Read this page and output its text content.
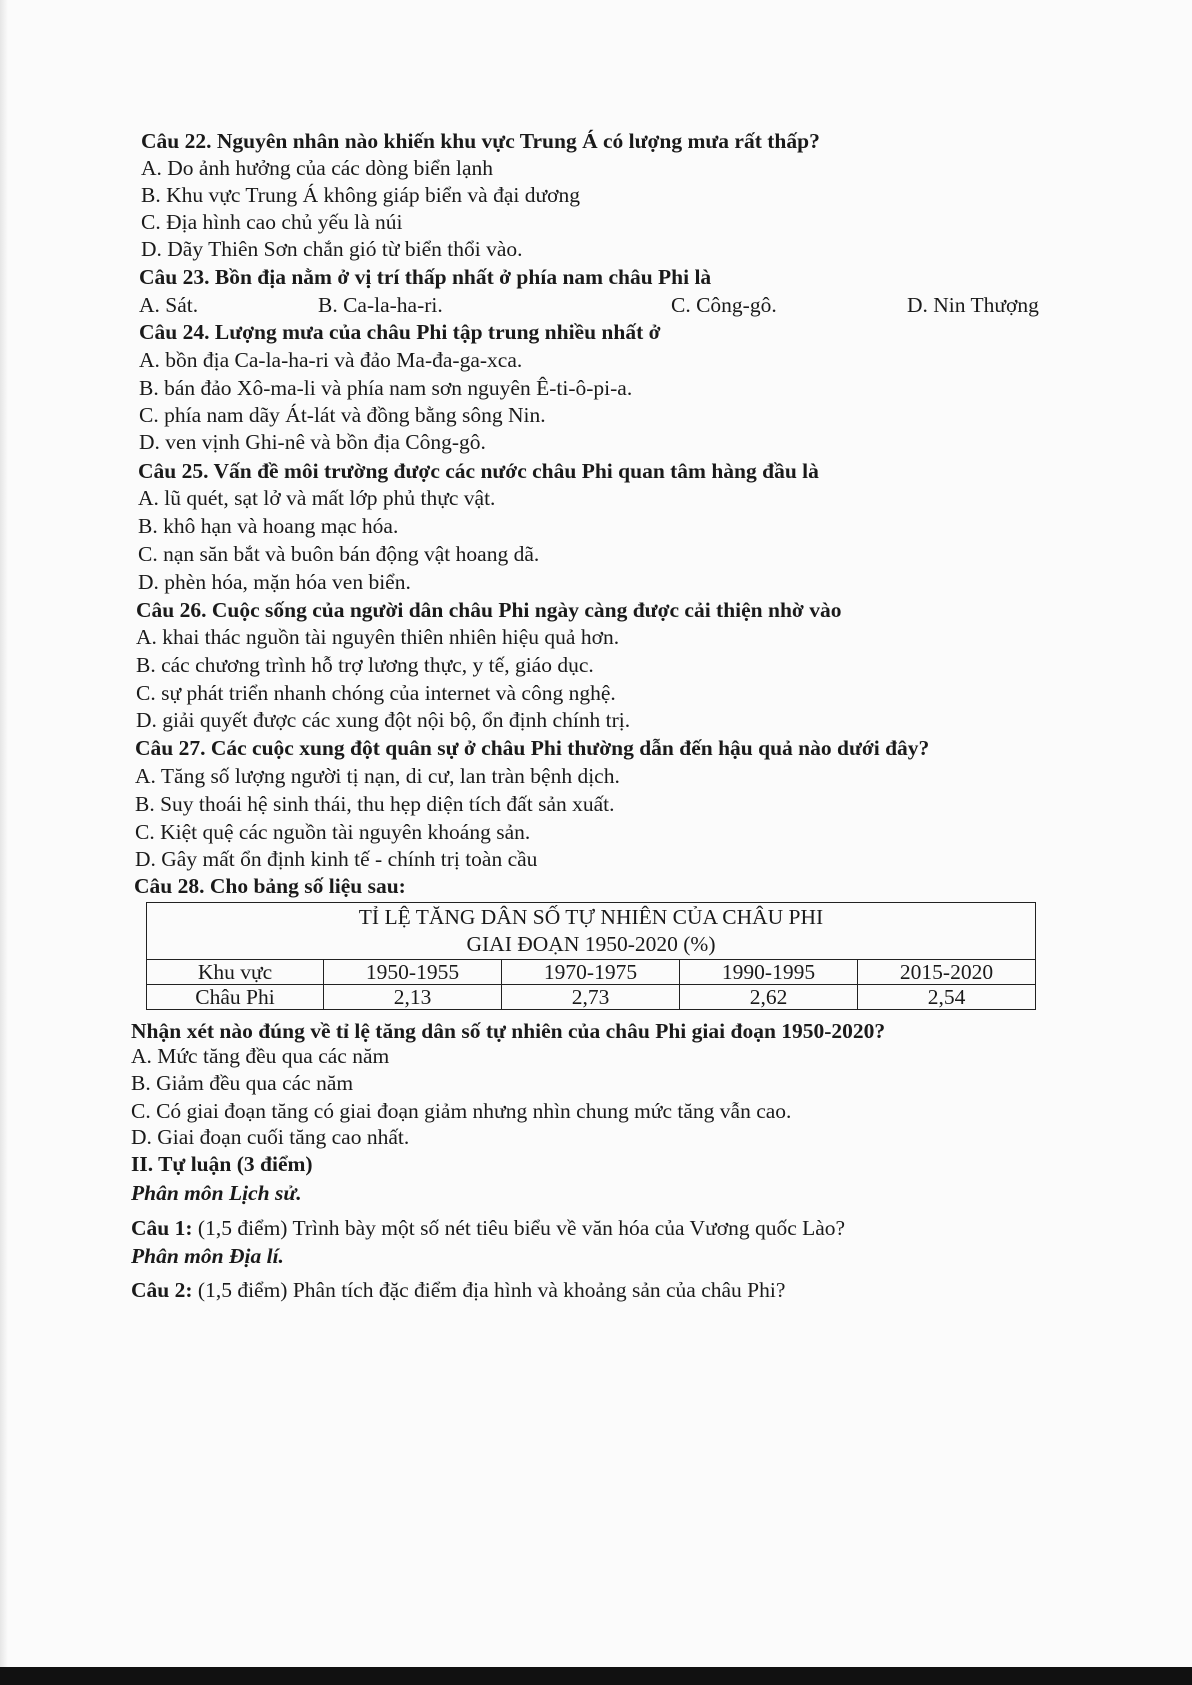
Câu 22. Nguyên nhân nào khiến khu vực Trung Á có lượng mưa rất thấp?
A. Do ảnh hưởng của các dòng biển lạnh
B. Khu vực Trung Á không giáp biển và đại dương
C. Địa hình cao chủ yếu là núi
D. Dãy Thiên Sơn chắn gió từ biển thổi vào.
Câu 23. Bồn địa nằm ở vị trí thấp nhất ở phía nam châu Phi là
A. Sát.	B. Ca-la-ha-ri.	C. Công-gô.	D. Nin Thượng
Câu 24. Lượng mưa của châu Phi tập trung nhiều nhất ở
A. bồn địa Ca-la-ha-ri và đảo Ma-đa-ga-xca.
B. bán đảo Xô-ma-li và phía nam sơn nguyên Ê-ti-ô-pi-a.
C. phía nam dãy Át-lát và đồng bằng sông Nin.
D. ven vịnh Ghi-nê và bồn địa Công-gô.
Câu 25. Vấn đề môi trường được các nước châu Phi quan tâm hàng đầu là
A. lũ quét, sạt lở và mất lớp phủ thực vật.
B. khô hạn và hoang mạc hóa.
C. nạn săn bắt và buôn bán động vật hoang dã.
D. phèn hóa, mặn hóa ven biển.
Câu 26. Cuộc sống của người dân châu Phi ngày càng được cải thiện nhờ vào
A. khai thác nguồn tài nguyên thiên nhiên hiệu quả hơn.
B. các chương trình hỗ trợ lương thực, y tế, giáo dục.
C. sự phát triển nhanh chóng của internet và công nghệ.
D. giải quyết được các xung đột nội bộ, ổn định chính trị.
Câu 27. Các cuộc xung đột quân sự ở châu Phi thường dẫn đến hậu quả nào dưới đây?
A. Tăng số lượng người tị nạn, di cư, lan tràn bệnh dịch.
B. Suy thoái hệ sinh thái, thu hẹp diện tích đất sản xuất.
C. Kiệt quệ các nguồn tài nguyên khoáng sản.
D. Gây mất ổn định kinh tế - chính trị toàn cầu
Câu 28. Cho bảng số liệu sau:
TỈ LỆ TĂNG DÂN SỐ TỰ NHIÊN CỦA CHÂU PHI
GIAI ĐOẠN 1950-2020 (%)				

Khu vực	1950-1955	1970-1975	1990-1995	2015-2020
Châu Phi	2,13	2,73	2,62	2,54
Nhận xét nào đúng về tỉ lệ tăng dân số tự nhiên của châu Phi giai đoạn 1950-2020?
A. Mức tăng đều qua các năm
B. Giảm đều qua các năm
C. Có giai đoạn tăng có giai đoạn giảm nhưng nhìn chung mức tăng vẫn cao.
D. Giai đoạn cuối tăng cao nhất.
II. Tự luận (3 điểm)
Phân môn Lịch sử.
Câu 1: (1,5 điểm) Trình bày một số nét tiêu biểu về văn hóa của Vương quốc Lào?
Phân môn Địa lí.
Câu 2: (1,5 điểm) Phân tích đặc điểm địa hình và khoảng sản của châu Phi?
